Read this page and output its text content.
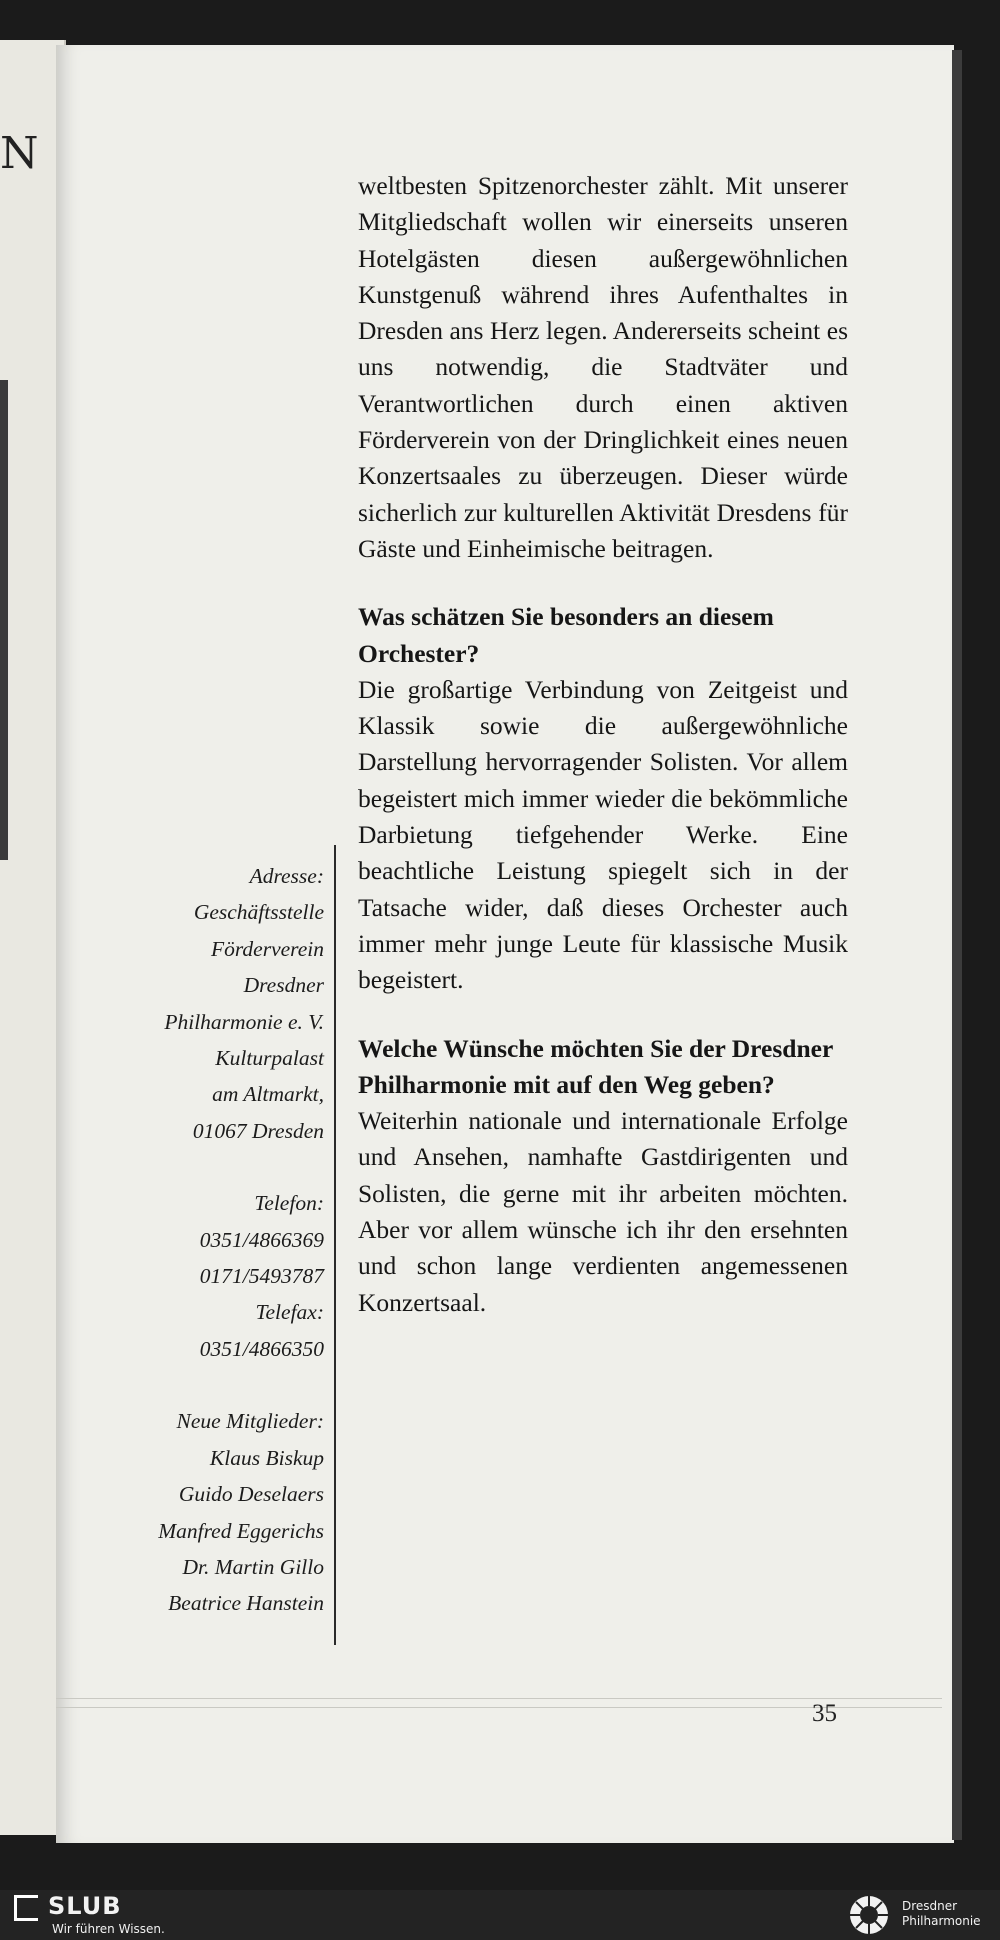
N

weltbesten Spitzenorchester zählt. Mit unserer Mitgliedschaft wollen wir einerseits unseren Hotelgästen diesen außergewöhnlichen Kunstgenuß während ihres Aufenthaltes in Dresden ans Herz legen. Andererseits scheint es uns notwendig, die Stadtväter und Verantwortlichen durch einen aktiven Förderverein von der Dringlichkeit eines neuen Konzertsaales zu überzeugen. Dieser würde sicherlich zur kulturellen Aktivität Dresdens für Gäste und Einheimische beitragen.

Was schätzen Sie besonders an diesem Orchester?

Die großartige Verbindung von Zeitgeist und Klassik sowie die außergewöhnliche Darstellung hervorragender Solisten. Vor allem begeistert mich immer wieder die bekömmliche Darbietung tiefgehender Werke. Eine beachtliche Leistung spiegelt sich in der Tatsache wider, daß dieses Orchester auch immer mehr junge Leute für klassische Musik begeistert.

Welche Wünsche möchten Sie der Dresdner Philharmonie mit auf den Weg geben?

Weiterhin nationale und internationale Erfolge und Ansehen, namhafte Gastdirigenten und Solisten, die gerne mit ihr arbeiten möchten. Aber vor allem wünsche ich ihr den ersehnten und schon lange verdienten angemessenen Konzertsaal.

Adresse:
Geschäftsstelle
Förderverein
Dresdner
Philharmonie e. V.
Kulturpalast
am Altmarkt,
01067 Dresden
Telefon:
0351/4866369
0171/5493787
Telefax:
0351/4866350
Neue Mitglieder:
Klaus Biskup
Guido Deselaers
Manfred Eggerichs
Dr. Martin Gillo
Beatrice Hanstein
35
SLUB
Wir führen Wissen.
Dresdner
Philharmonie
